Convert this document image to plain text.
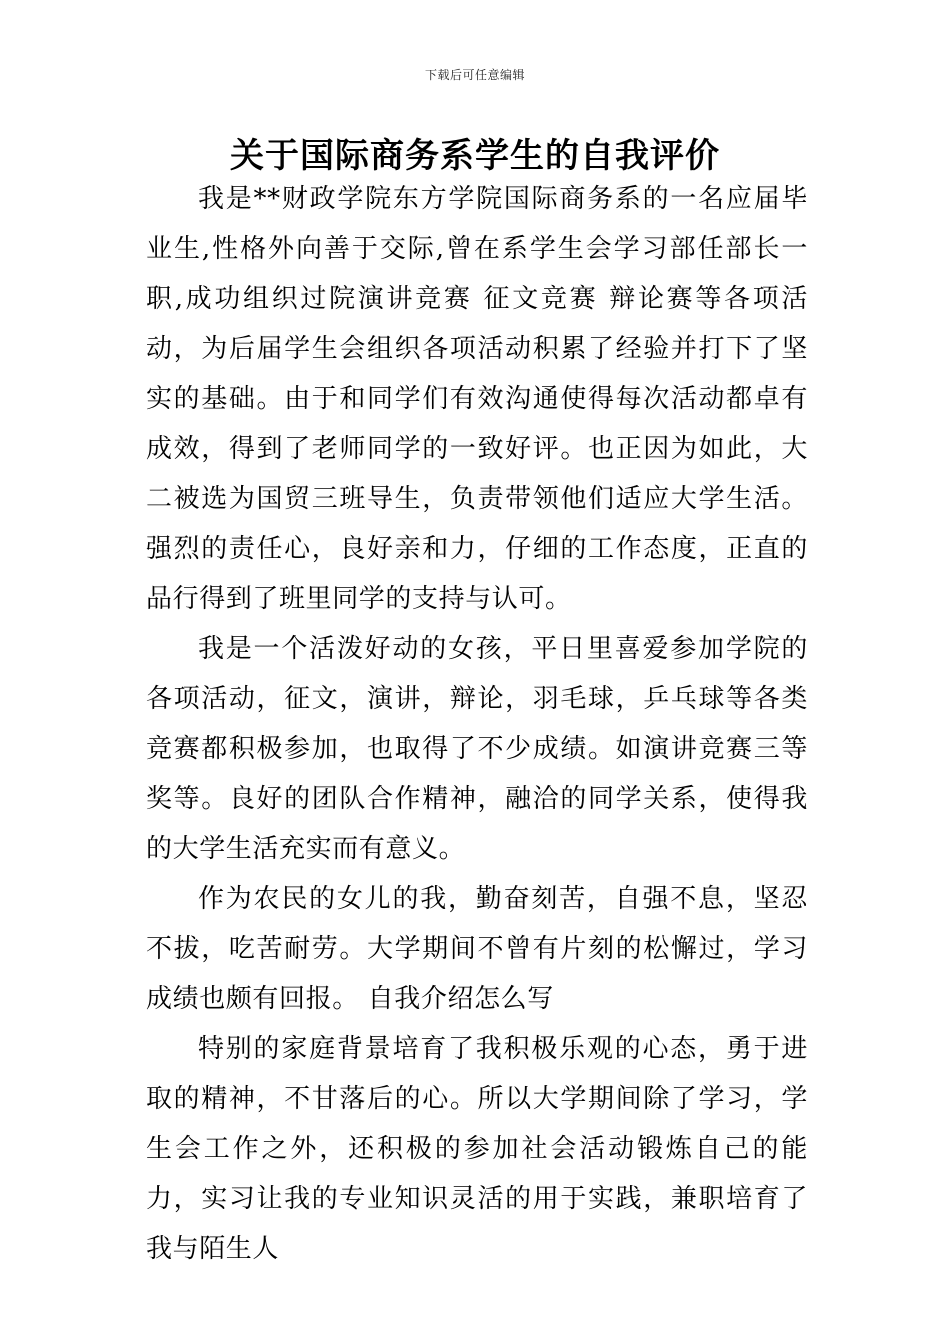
下载后可任意编辑
关于国际商务系学生的自我评价

我是**财政学院东方学院国际商务系的一名应届毕业生,性格外向善于交际,曾在系学生会学习部任部长一职,成功组织过院演讲竞赛 征文竞赛 辩论赛等各项活动，为后届学生会组织各项活动积累了经验并打下了坚实的基础。由于和同学们有效沟通使得每次活动都卓有成效，得到了老师同学的一致好评。也正因为如此，大二被选为国贸三班导生，负责带领他们适应大学生活。强烈的责任心，良好亲和力，仔细的工作态度，正直的品行得到了班里同学的支持与认可。

我是一个活泼好动的女孩，平日里喜爱参加学院的各项活动，征文，演讲，辩论，羽毛球，乒乓球等各类竞赛都积极参加，也取得了不少成绩。如演讲竞赛三等奖等。良好的团队合作精神，融洽的同学关系，使得我的大学生活充实而有意义。

作为农民的女儿的我，勤奋刻苦，自强不息，坚忍不拔，吃苦耐劳。大学期间不曾有片刻的松懈过，学习成绩也颇有回报。 自我介绍怎么写

特别的家庭背景培育了我积极乐观的心态，勇于进取的精神，不甘落后的心。所以大学期间除了学习，学生会工作之外，还积极的参加社会活动锻炼自己的能力，实习让我的专业知识灵活的用于实践，兼职培育了我与陌生人
